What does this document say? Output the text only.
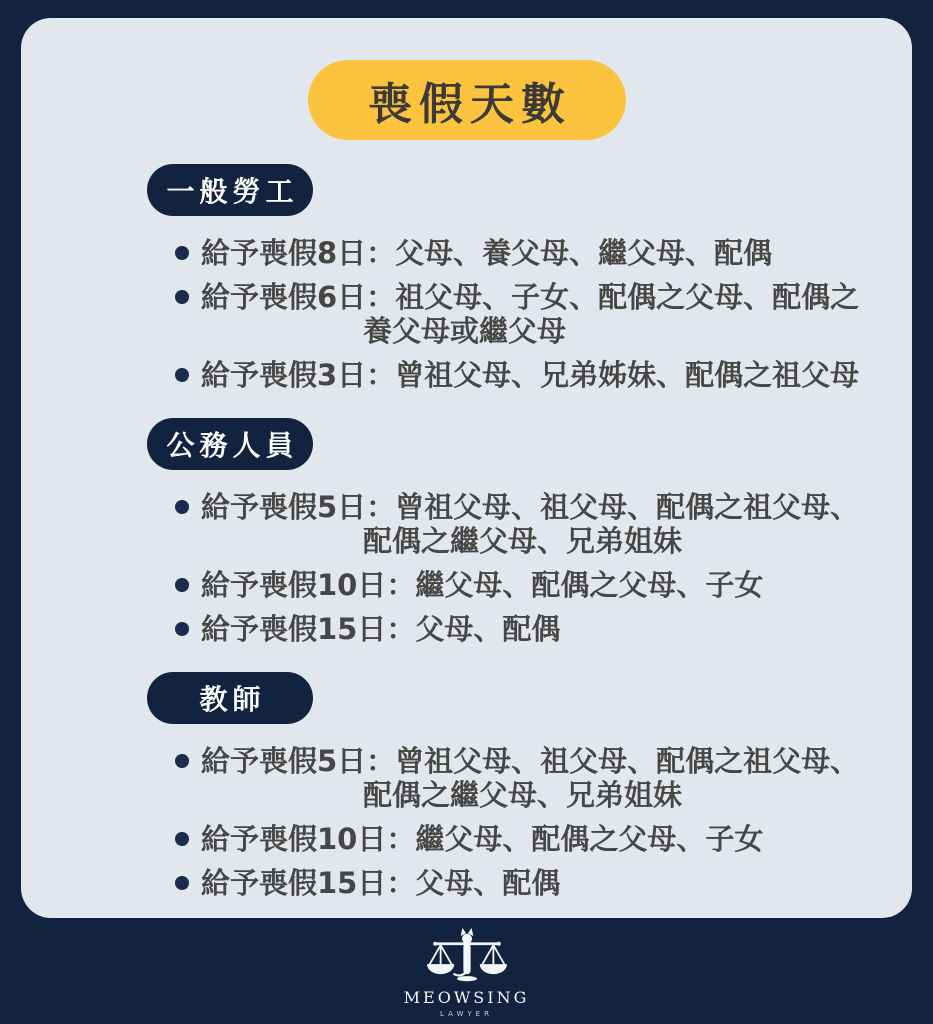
喪假天數
一般勞工
給予喪假8日：父母、養父母、繼父母、配偶
給予喪假6日：祖父母、子女、配偶之父母、配偶之
養父母或繼父母
給予喪假3日：曾祖父母、兄弟姊妹、配偶之祖父母
公務人員
給予喪假5日：曾祖父母、祖父母、配偶之祖父母、
配偶之繼父母、兄弟姐妹
給予喪假10日：繼父母、配偶之父母、子女
給予喪假15日：父母、配偶
教師
給予喪假5日：曾祖父母、祖父母、配偶之祖父母、
配偶之繼父母、兄弟姐妹
給予喪假10日：繼父母、配偶之父母、子女
給予喪假15日：父母、配偶
MEOWSING
LAWYER
